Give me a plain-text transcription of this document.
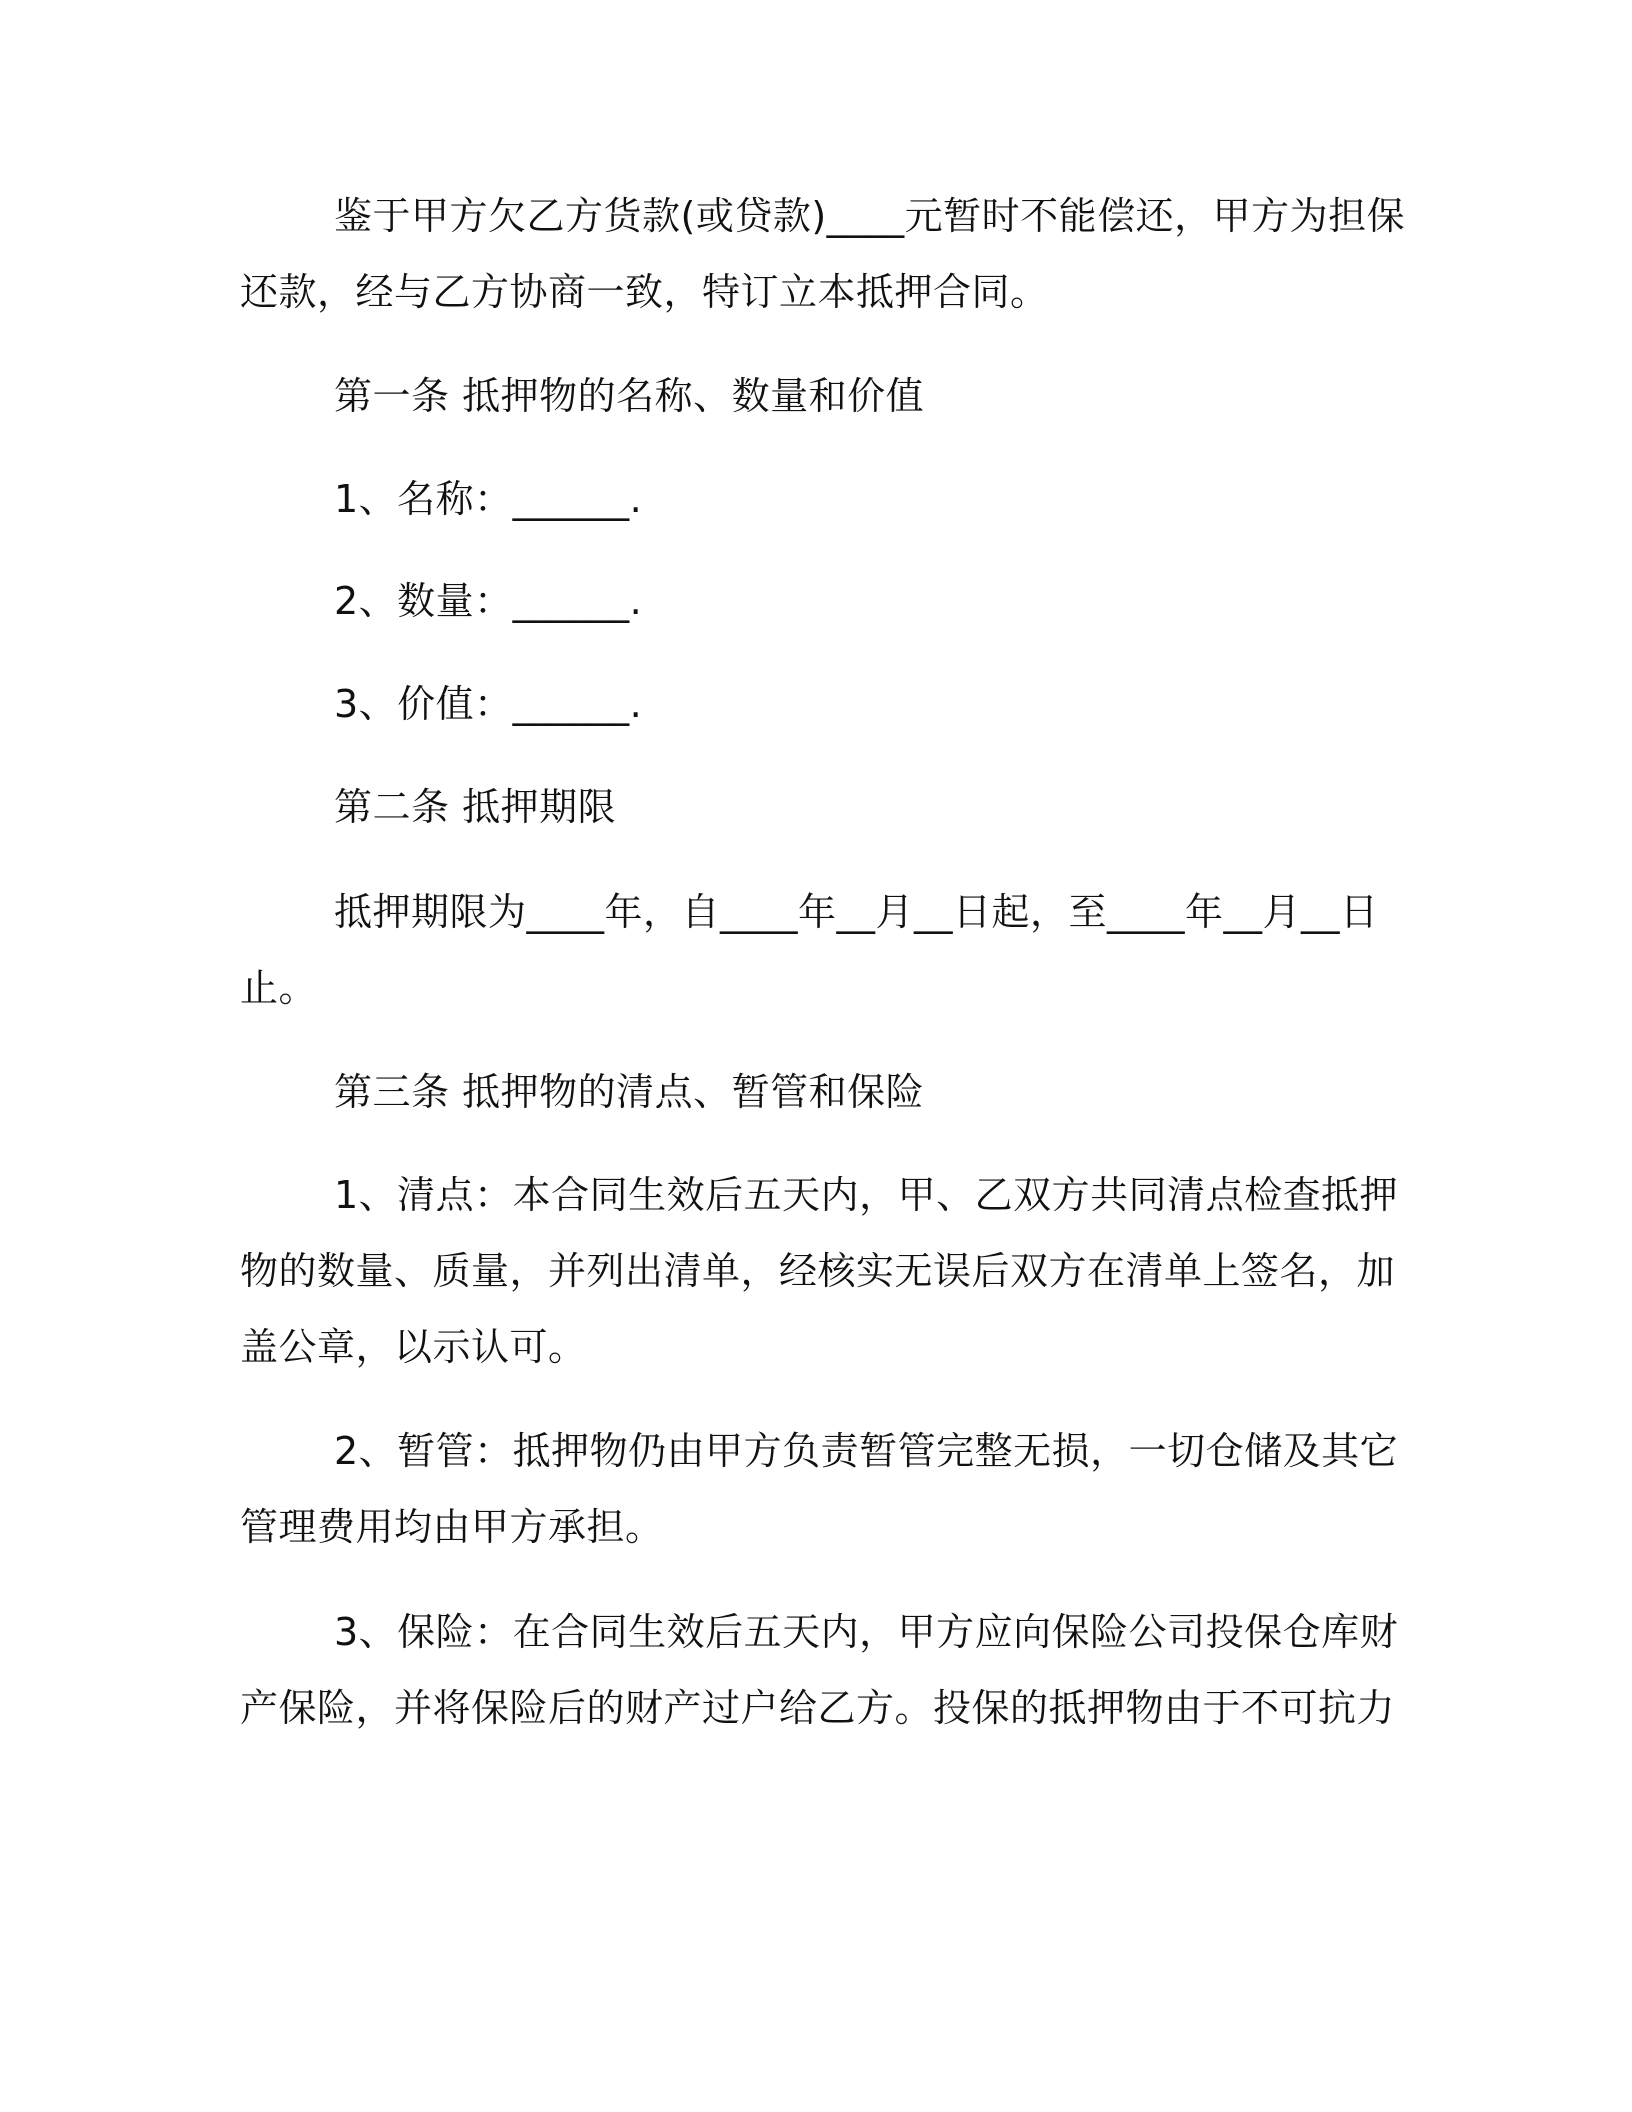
鉴于甲方欠乙方货款(或贷款)____元暂时不能偿还，甲方为担保
还款，经与乙方协商一致，特订立本抵押合同。
第一条 抵押物的名称、数量和价值
1、名称：______.
2、数量：______.
3、价值：______.
第二条 抵押期限
抵押期限为____年，自____年__月__日起，至____年__月__日
止。
第三条 抵押物的清点、暂管和保险
1、清点：本合同生效后五天内，甲、乙双方共同清点检查抵押
物的数量、质量，并列出清单，经核实无误后双方在清单上签名，加
盖公章，以示认可。
2、暂管：抵押物仍由甲方负责暂管完整无损，一切仓储及其它
管理费用均由甲方承担。
3、保险：在合同生效后五天内，甲方应向保险公司投保仓库财
产保险，并将保险后的财产过户给乙方。投保的抵押物由于不可抗力
